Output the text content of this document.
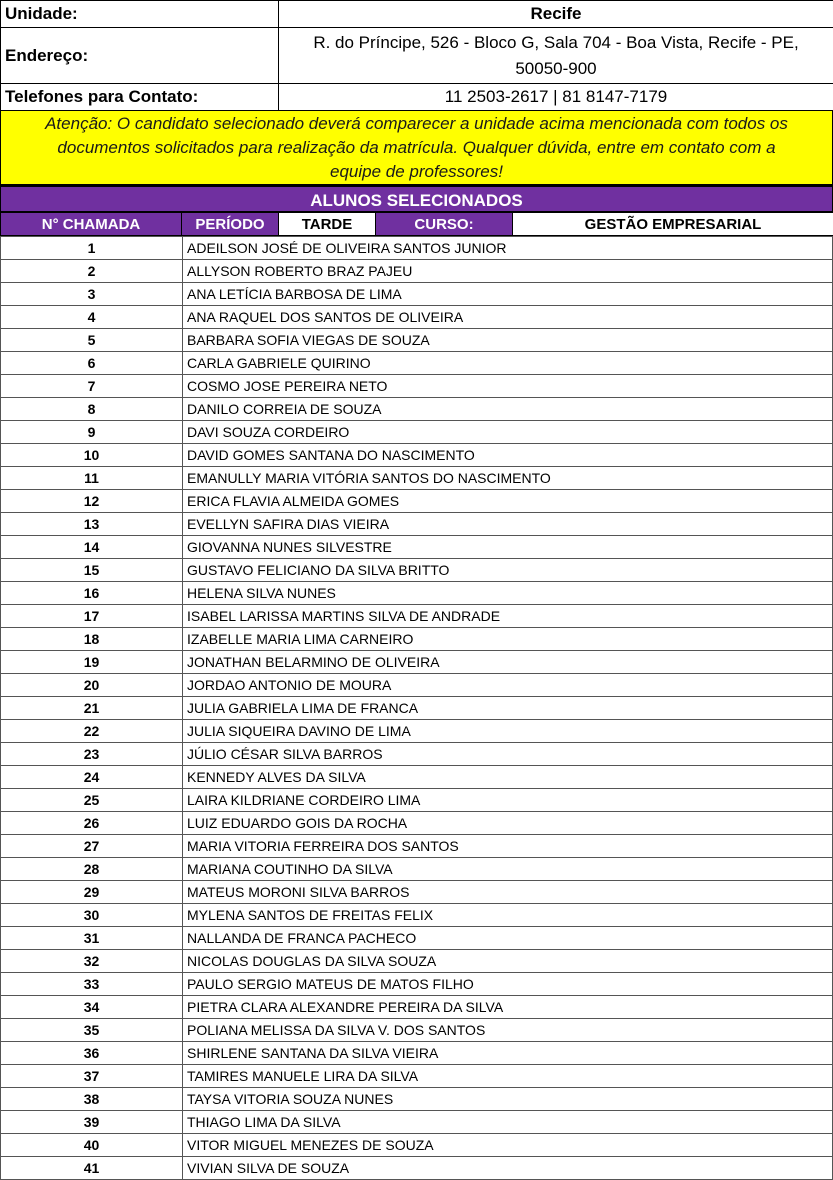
Unidade:	Recife
Endereço:	R. do Príncipe, 526 - Bloco G, Sala 704 - Boa Vista, Recife - PE,
50050-900

Telefones para Contato:	11 2503-2617 | 81 8147-7179
Atenção: O candidato selecionado deverá comparecer a unidade acima mencionada com todos os
documentos solicitados para realização da matrícula. Qualquer dúvida, entre em contato com a
equipe de professores!
ALUNOS SELECIONADOS
N° CHAMADA	PERÍODO	TARDE	CURSO:	GESTÃO EMPRESARIAL
1	ADEILSON JOSÉ DE OLIVEIRA SANTOS JUNIOR
2	ALLYSON ROBERTO BRAZ PAJEU
3	ANA LETÍCIA BARBOSA DE LIMA
4	ANA RAQUEL DOS SANTOS DE OLIVEIRA
5	BARBARA SOFIA VIEGAS DE SOUZA
6	CARLA GABRIELE QUIRINO
7	COSMO JOSE PEREIRA NETO
8	DANILO CORREIA DE SOUZA
9	DAVI SOUZA CORDEIRO
10	DAVID GOMES SANTANA DO NASCIMENTO
11	EMANULLY MARIA VITÓRIA SANTOS DO NASCIMENTO
12	ERICA FLAVIA ALMEIDA GOMES
13	EVELLYN SAFIRA DIAS VIEIRA
14	GIOVANNA NUNES SILVESTRE
15	GUSTAVO FELICIANO DA SILVA BRITTO
16	HELENA SILVA NUNES
17	ISABEL LARISSA MARTINS SILVA DE ANDRADE
18	IZABELLE MARIA LIMA CARNEIRO
19	JONATHAN BELARMINO DE OLIVEIRA
20	JORDAO ANTONIO DE MOURA
21	JULIA GABRIELA LIMA DE FRANCA
22	JULIA SIQUEIRA DAVINO DE LIMA
23	JÚLIO CÉSAR SILVA BARROS
24	KENNEDY ALVES DA SILVA
25	LAIRA KILDRIANE CORDEIRO LIMA
26	LUIZ EDUARDO GOIS DA ROCHA
27	MARIA VITORIA FERREIRA DOS SANTOS
28	MARIANA COUTINHO DA SILVA
29	MATEUS MORONI SILVA BARROS
30	MYLENA SANTOS DE FREITAS FELIX
31	NALLANDA DE FRANCA PACHECO
32	NICOLAS DOUGLAS DA SILVA SOUZA
33	PAULO SERGIO MATEUS DE MATOS FILHO
34	PIETRA CLARA ALEXANDRE PEREIRA DA SILVA
35	POLIANA MELISSA DA SILVA V. DOS SANTOS
36	SHIRLENE SANTANA DA SILVA VIEIRA
37	TAMIRES MANUELE LIRA DA SILVA
38	TAYSA VITORIA SOUZA NUNES
39	THIAGO LIMA DA SILVA
40	VITOR MIGUEL MENEZES DE SOUZA
41	VIVIAN SILVA DE SOUZA
